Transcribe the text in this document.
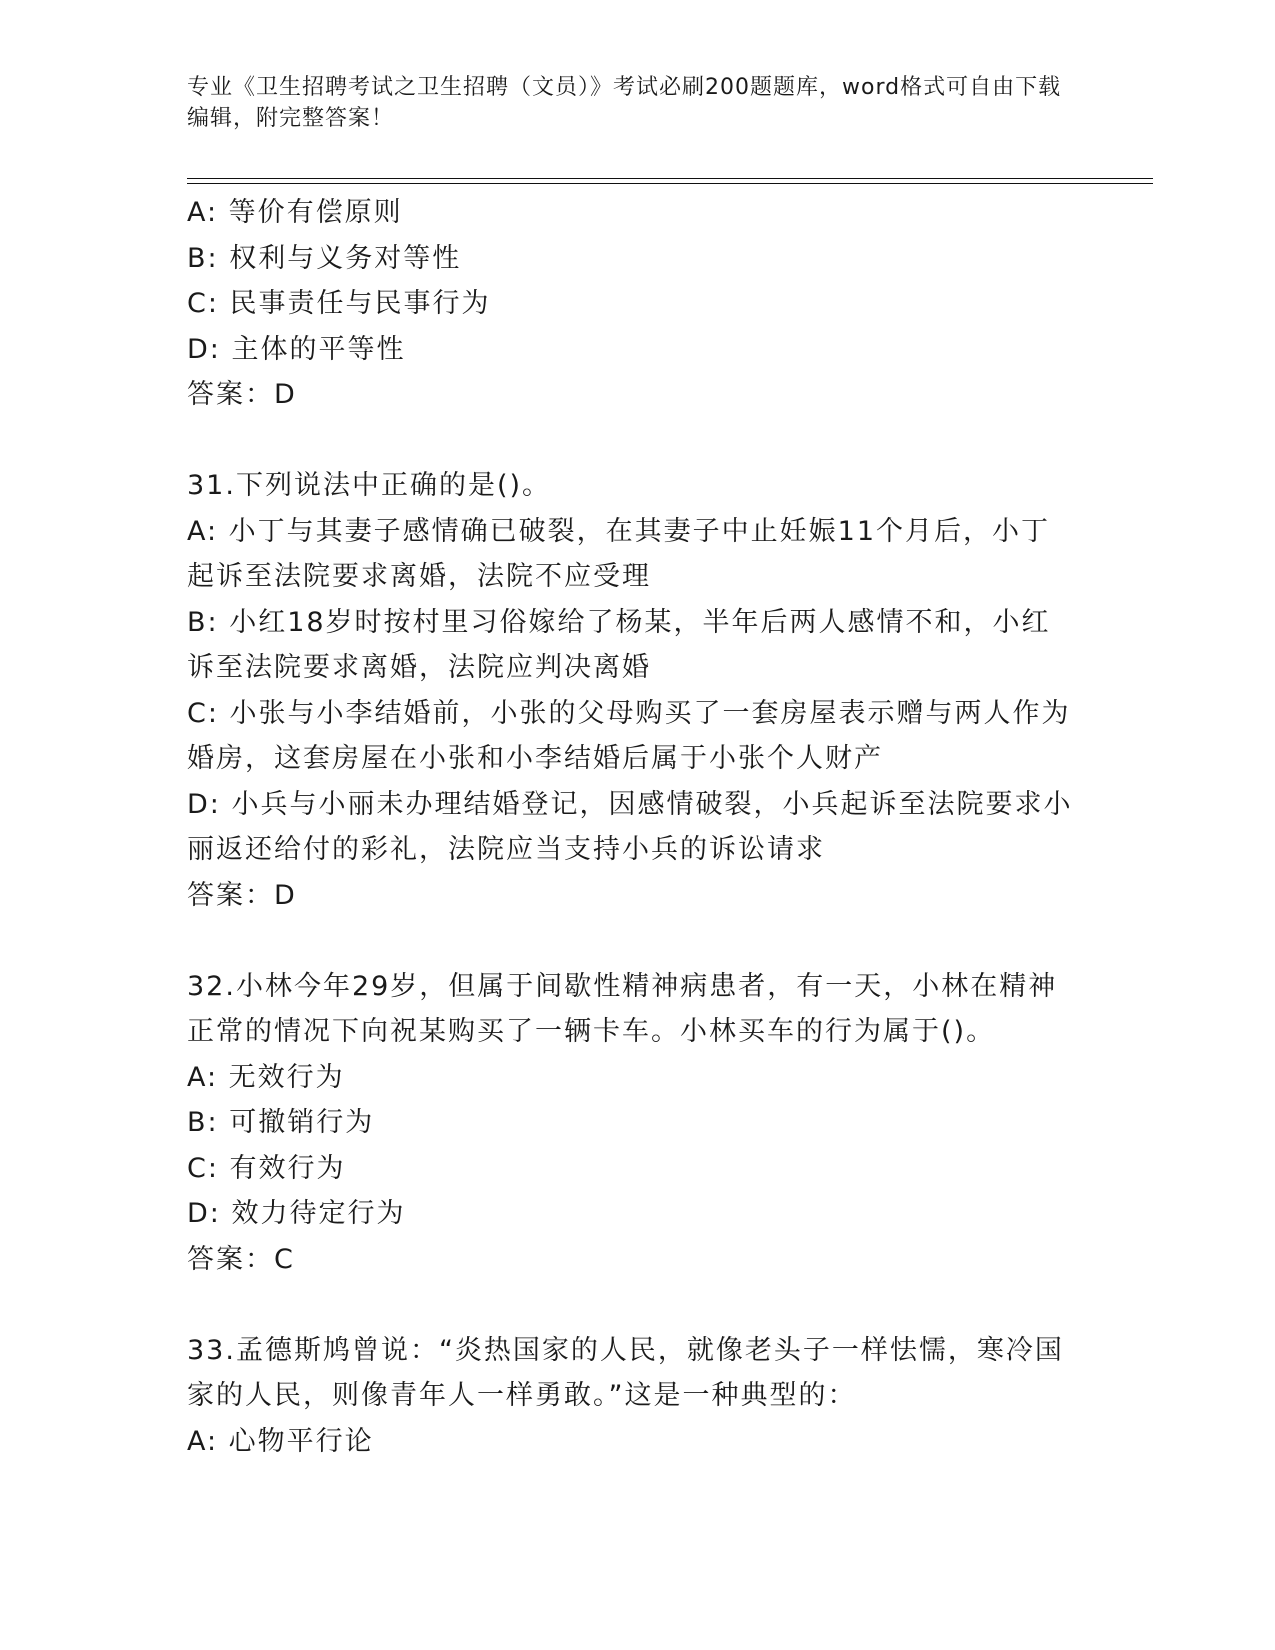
专业《卫生招聘考试之卫生招聘（文员）》考试必刷200题题库，word格式可自由下载编辑，附完整答案！

A: 等价有偿原则

B: 权利与义务对等性

C: 民事责任与民事行为

D: 主体的平等性

答案：D

31.下列说法中正确的是()。

A: 小丁与其妻子感情确已破裂，在其妻子中止妊娠11个月后，小丁起诉至法院要求离婚，法院不应受理

B: 小红18岁时按村里习俗嫁给了杨某，半年后两人感情不和，小红诉至法院要求离婚，法院应判决离婚

C: 小张与小李结婚前，小张的父母购买了一套房屋表示赠与两人作为婚房，这套房屋在小张和小李结婚后属于小张个人财产

D: 小兵与小丽未办理结婚登记，因感情破裂，小兵起诉至法院要求小丽返还给付的彩礼，法院应当支持小兵的诉讼请求

答案：D

32.小林今年29岁，但属于间歇性精神病患者，有一天，小林在精神正常的情况下向祝某购买了一辆卡车。小林买车的行为属于()。

A: 无效行为

B: 可撤销行为

C: 有效行为

D: 效力待定行为

答案：C

33.孟德斯鸠曾说：“炎热国家的人民，就像老头子一样怯懦，寒冷国家的人民，则像青年人一样勇敢。”这是一种典型的：

A: 心物平行论
